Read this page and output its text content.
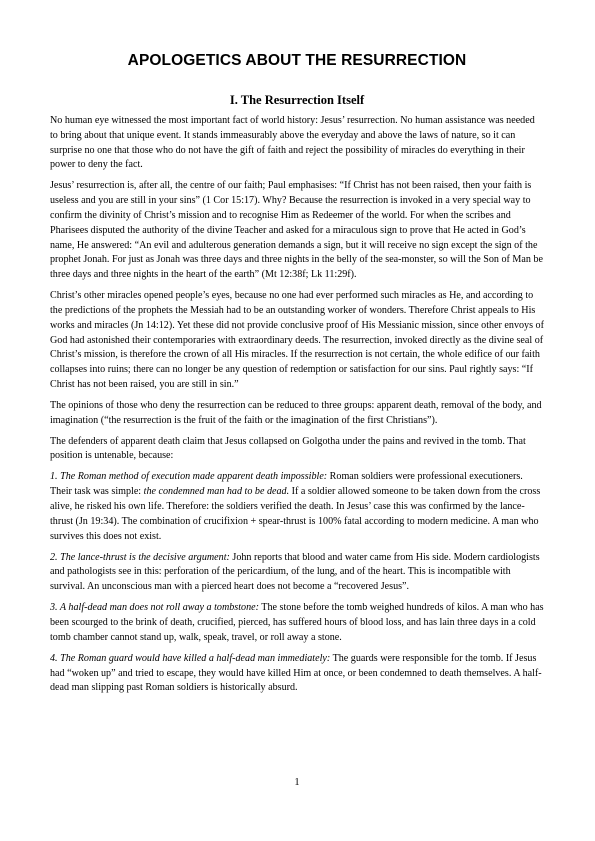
APOLOGETICS ABOUT THE RESURRECTION
I. The Resurrection Itself

No human eye witnessed the most important fact of world history: Jesus’ resurrection. No human assistance was needed to bring about that unique event. It stands immeasurably above the everyday and above the laws of nature, so it can surprise no one that those who do not have the gift of faith and reject the possibility of miracles do everything in their power to deny the fact.

Jesus’ resurrection is, after all, the centre of our faith; Paul emphasises: “If Christ has not been raised, then your faith is useless and you are still in your sins” (1 Cor 15:17). Why? Because the resurrection is invoked in a very special way to confirm the divinity of Christ’s mission and to recognise Him as Redeemer of the world. For when the scribes and Pharisees disputed the authority of the divine Teacher and asked for a miraculous sign to prove that He acted in God’s name, He answered: “An evil and adulterous generation demands a sign, but it will receive no sign except the sign of the prophet Jonah. For just as Jonah was three days and three nights in the belly of the sea-monster, so will the Son of Man be three days and three nights in the heart of the earth” (Mt 12:38f; Lk 11:29f).

Christ’s other miracles opened people’s eyes, because no one had ever performed such miracles as He, and according to the predictions of the prophets the Messiah had to be an outstanding worker of wonders. Therefore Christ appeals to His works and miracles (Jn 14:12). Yet these did not provide conclusive proof of His Messianic mission, since other envoys of God had astonished their contemporaries with extraordinary deeds. The resurrection, invoked directly as the divine seal of Christ’s mission, is therefore the crown of all His miracles. If the resurrection is not certain, the whole edifice of our faith collapses into ruins; there can no longer be any question of redemption or satisfaction for our sins. Paul rightly says: “If Christ has not been raised, you are still in sin.”

The opinions of those who deny the resurrection can be reduced to three groups: apparent death, removal of the body, and imagination (“the resurrection is the fruit of the faith or the imagination of the first Christians”).

The defenders of apparent death claim that Jesus collapsed on Golgotha under the pains and revived in the tomb. That position is untenable, because:

1. The Roman method of execution made apparent death impossible: Roman soldiers were professional executioners. Their task was simple: the condemned man had to be dead. If a soldier allowed someone to be taken down from the cross alive, he risked his own life. Therefore: the soldiers verified the death. In Jesus’ case this was confirmed by the lance-thrust (Jn 19:34). The combination of crucifixion + spear-thrust is 100% fatal according to modern medicine. A man who survives this does not exist.

2. The lance-thrust is the decisive argument: John reports that blood and water came from His side. Modern cardiologists and pathologists see in this: perforation of the pericardium, of the lung, and of the heart. This is incompatible with survival. An unconscious man with a pierced heart does not become a “recovered Jesus”.

3. A half-dead man does not roll away a tombstone: The stone before the tomb weighed hundreds of kilos. A man who has been scourged to the brink of death, crucified, pierced, has suffered hours of blood loss, and has lain three days in a cold tomb chamber cannot stand up, walk, speak, travel, or roll away a stone.

4. The Roman guard would have killed a half-dead man immediately: The guards were responsible for the tomb. If Jesus had “woken up” and tried to escape, they would have killed Him at once, or been condemned to death themselves. A half-dead man slipping past Roman soldiers is historically absurd.

1
